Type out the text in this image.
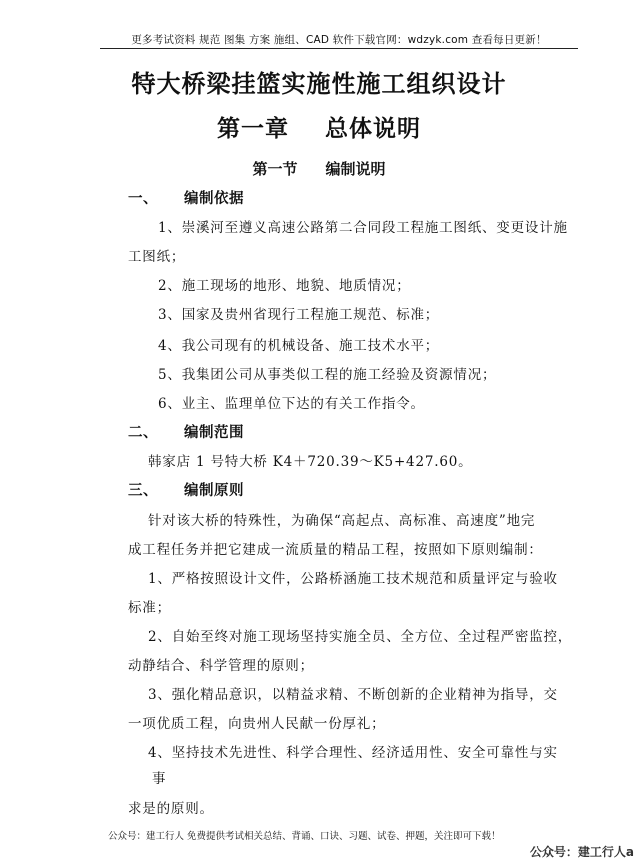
更多考试资料 规范 图集 方案 施组、CAD 软件下载官网：wdzyk.com 查看每日更新！
特大桥梁挂篮实施性施工组织设计
第一章 总体说明
第一节 编制说明
一、 编制依据
1、崇溪河至遵义高速公路第二合同段工程施工图纸、变更设计施
工图纸；
2、施工现场的地形、地貌、地质情况；
3、国家及贵州省现行工程施工规范、标准；
4、我公司现有的机械设备、施工技术水平；
5、我集团公司从事类似工程的施工经验及资源情况；
6、业主、监理单位下达的有关工作指令。
二、 编制范围
韩家店 1 号特大桥 K4＋720.39～K5+427.60。
三、 编制原则
针对该大桥的特殊性，为确保“高起点、高标准、高速度”地完
成工程任务并把它建成一流质量的精品工程，按照如下原则编制：
1、严格按照设计文件，公路桥涵施工技术规范和质量评定与验收
标准；
2、自始至终对施工现场坚持实施全员、全方位、全过程严密监控，
动静结合、科学管理的原则；
3、强化精品意识，以精益求精、不断创新的企业精神为指导，交
一项优质工程，向贵州人民献一份厚礼；
4、坚持技术先进性、科学合理性、经济适用性、安全可靠性与实
事
求是的原则。
公众号：建工行人 免费提供考试相关总结、背诵、口诀、习题、试卷、押题，关注即可下载！
公众号：建工行人a
